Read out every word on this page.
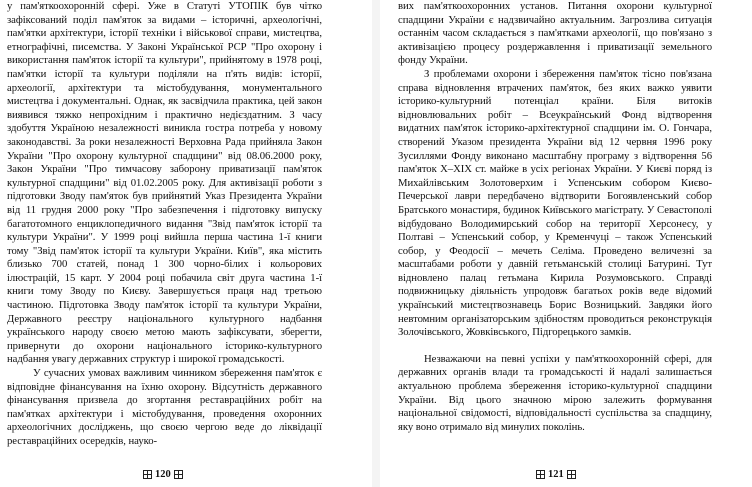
у пам'яткоохоронній сфері. Уже в Статуті УТОПІК був чітко зафіксований поділ пам'яток за видами – історичні, археологічні, пам'ятки архітектури, історії техніки і військової справи, мистецтва, етнографічні, писемства. У Законі Української РСР "Про охорону і використання пам'яток історії та культури", прийнятому в 1978 році, пам'ятки історії та культури поділяли на п'ять видів: історії, археології, архітектури та містобудування, монументального мистецтва і документальні. Однак, як засвідчила практика, цей закон виявився тяжко непрохідним і практично недієздатним. З часу здобуття Україною незалежності виникла гостра потреба у новому законодавстві. За роки незалежності Верховна Рада прийняла Закон України "Про охорону культурної спадщини" від 08.06.2000 року, Закон України "Про тимчасову заборону приватизації пам'яток культурної спадщини" від 01.02.2005 року. Для активізації роботи з підготовки Зводу пам'яток був прийнятий Указ Президента України від 11 грудня 2000 року "Про забезпечення і підготовку випуску багатотомного енциклопедичного видання "Звід пам'яток історії та культури України". У 1999 році вийшла перша частина 1-ї книги тому "Звід пам'яток історії та культури України. Київ", яка містить близько 700 статей, понад 1 300 чорно-білих і кольорових ілюстрацій, 15 карт. У 2004 році побачила світ друга частина 1-ї книги тому Зводу по Києву. Завершується праця над третьою частиною. Підготовка Зводу пам'яток історії та культури України, Державного реєстру національного культурного надбання українського народу своєю метою мають зафіксувати, зберегти, привернути до охорони національного історико-культурного надбання увагу державних структур і широкої громадськості.

У сучасних умовах важливим чинником збереження пам'яток є відповідне фінансування на їхню охорону. Відсутність державного фінансування призвела до згортання реставраційних робіт на пам'ятках архітектури і містобудування, проведення охоронних археологічних досліджень, що своєю чергою веде до ліквідації реставраційних осередків, науко-

120

вих пам'яткоохоронних установ. Питання охорони культурної спадщини України є надзвичайно актуальним. Загрозлива ситуація останнім часом складається з пам'ятками археології, що пов'язано з активізацією процесу роздержавлення і приватизації земельного фонду України.

З проблемами охорони і збереження пам'яток тісно пов'язана справа відновлення втрачених пам'яток, без яких важко уявити історико-культурний потенціал країни. Біля витоків відновлювальних робіт – Всеукраїнський Фонд відтворення видатних пам'яток історико-архітектурної спадщини ім. О. Гончара, створений Указом президента України від 12 червня 1996 року Зусиллями Фонду виконано масштабну програму з відтворення 56 пам'яток X–XIX ст. майже в усіх регіонах України. У Києві поряд із Михайлівським Золотоверхим і Успенським собором Києво-Печерської лаври передбачено відтворити Богоявленський собор Братського монастиря, будинок Київського магістрату. У Севастополі відбудовано Володимирський собор на території Херсонесу, у Полтаві – Успенський собор, у Кременчуці – також Успенський собор, у Феодосії – мечеть Селіма. Проведено величезні за масштабами роботи у давній гетьманській столиці Батурині. Тут відновлено палац гетьмана Кирила Розумовського. Справді подвижницьку діяльність упродовж багатьох років веде відомий український мистецтвознавець Борис Возницький. Завдяки його невтомним організаторським здібностям проводиться реконструкція Золочівського, Жовківського, Підгорецького замків.

Незважаючи на певні успіхи у пам'яткоохоронній сфері, для державних органів влади та громадськості й надалі залишається актуальною проблема збереження історико-культурної спадщини України. Від цього значною мірою залежить формування національної свідомості, відповідальності суспільства за спадщину, яку воно отримало від минулих поколінь.

121
